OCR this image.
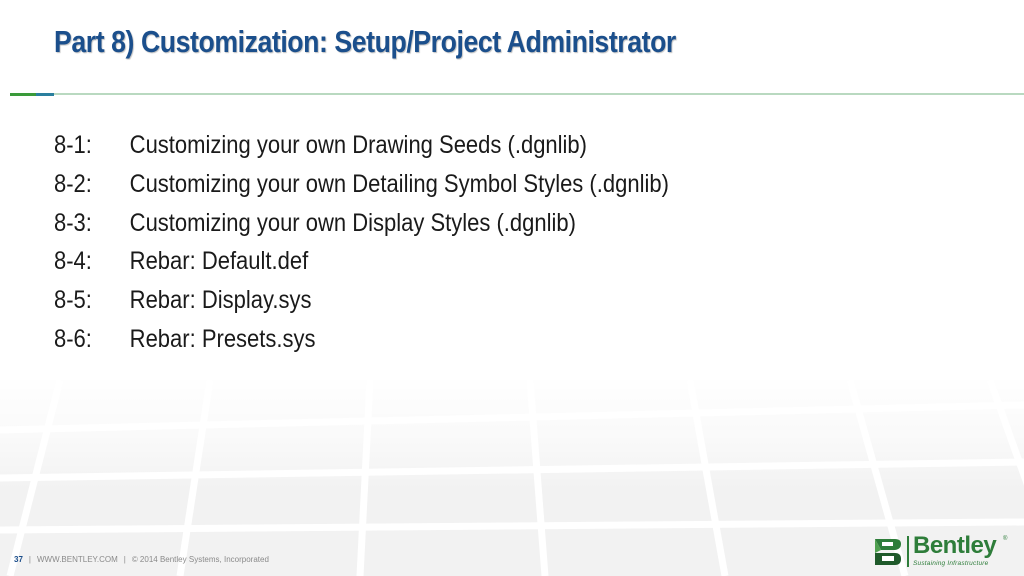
Part 8) Customization: Setup/Project Administrator
8-1: Customizing your own Drawing Seeds (.dgnlib)
8-2: Customizing your own Detailing Symbol Styles (.dgnlib)
8-3: Customizing your own Display Styles (.dgnlib)
8-4: Rebar: Default.def
8-5: Rebar: Display.sys
8-6: Rebar: Presets.sys
37 | WWW.BENTLEY.COM | © 2014 Bentley Systems, Incorporated
Bentley ®
Sustaining Infrastructure
